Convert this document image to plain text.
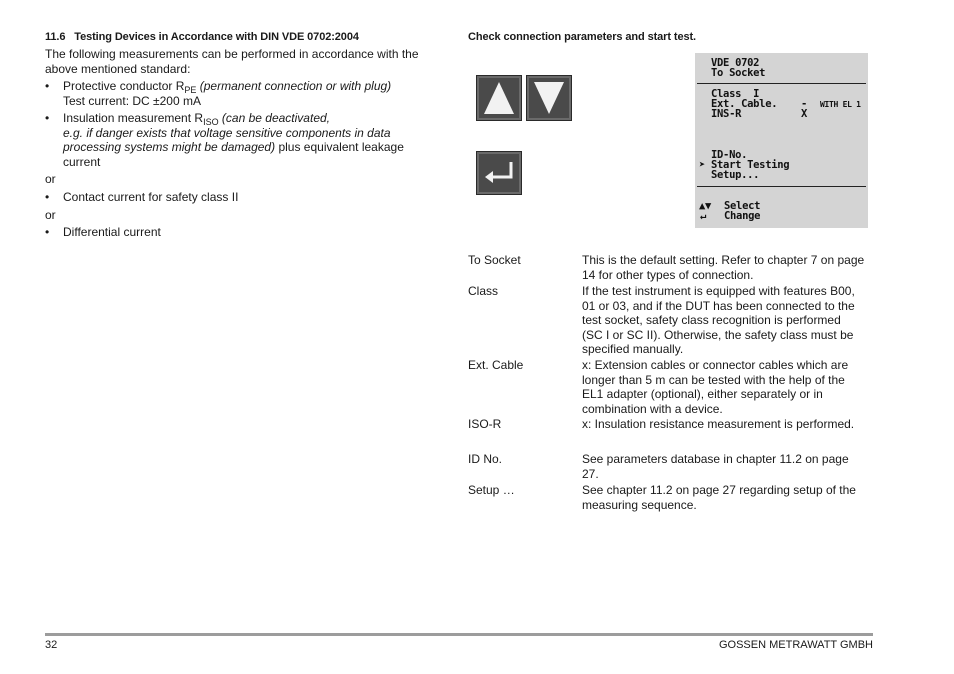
11.6 Testing Devices in Accordance with DIN VDE 0702:2004
The following measurements can be performed in accordance with the
above mentioned standard:
• Protective conductor $R_{PE}$ (permanent connection or with plug)
Test current: DC ±200 mA
• Insulation measurement $R_{ISO}$ (can be deactivated,
e.g. if danger exists that voltage sensitive components in data
processing systems might be damaged) plus equivalent leakage
current
or
• Contact current for safety class II
or
• Differential current
Check connection parameters and start test.
VDE 0702
To Socket
Class  I
Ext. Cable. - WITH EL 1
INS-R	X
ID-No.
➤ Start Testing
Setup...
▲▼ Select
↵ Change
To Socket	This is the default setting. Refer to chapter 7 on page
14 for other types of connection.
Class	If the test instrument is equipped with features B00,
01 or 03, and if the DUT has been connected to the
test socket, safety class recognition is performed
(SC I or SC II). Otherwise, the safety class must be
specified manually.
Ext. Cable	x: Extension cables or connector cables which are
longer than 5 m can be tested with the help of the
EL1 adapter (optional), either separately or in
combination with a device.
ISO-R	x: Insulation resistance measurement is performed.
ID No.	See parameters database in chapter 11.2 on page
27.
Setup …	See chapter 11.2 on page 27 regarding setup of the
measuring sequence.
32	GOSSEN METRAWATT GMBH
